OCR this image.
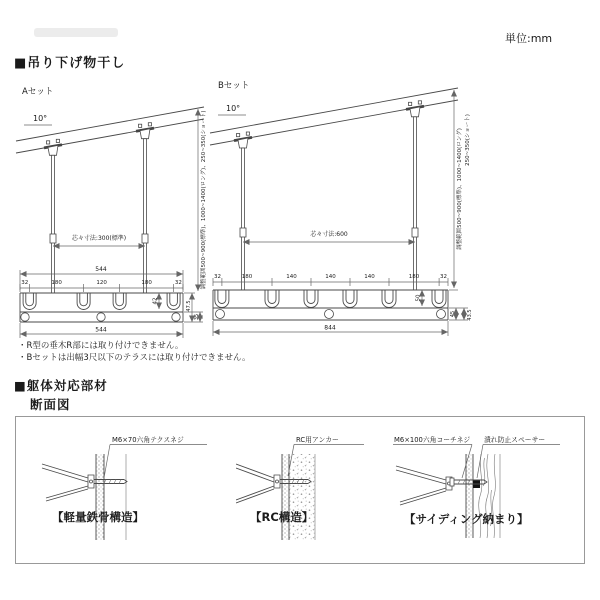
単位:mm
■吊り下げ物干し
Aセット
10°	調整範囲500~900(標準)、1000~1400(ロング)、250~350(ショート)
芯々寸法:300(標準)
544
32	180	120	180	32
42	47.5
35
544
Bセット
10°
調整範囲500~900(標準)、1000~1400(ロング) 250~350(ショート)
芯々寸法:600
32	180	140	140	140	180	32
50
45 43.5
844
・R型の垂木R部には取り付けできません。
・Bセットは出幅3尺以下のテラスには取り付けできません。
■躯体対応部材
断面図
M6×70六角テクスネジ
【軽量鉄骨構造】
RC用アンカー
【RC構造】
M6×100六角コーチネジ 潰れ防止スペーサー
【サイディング納まり】
